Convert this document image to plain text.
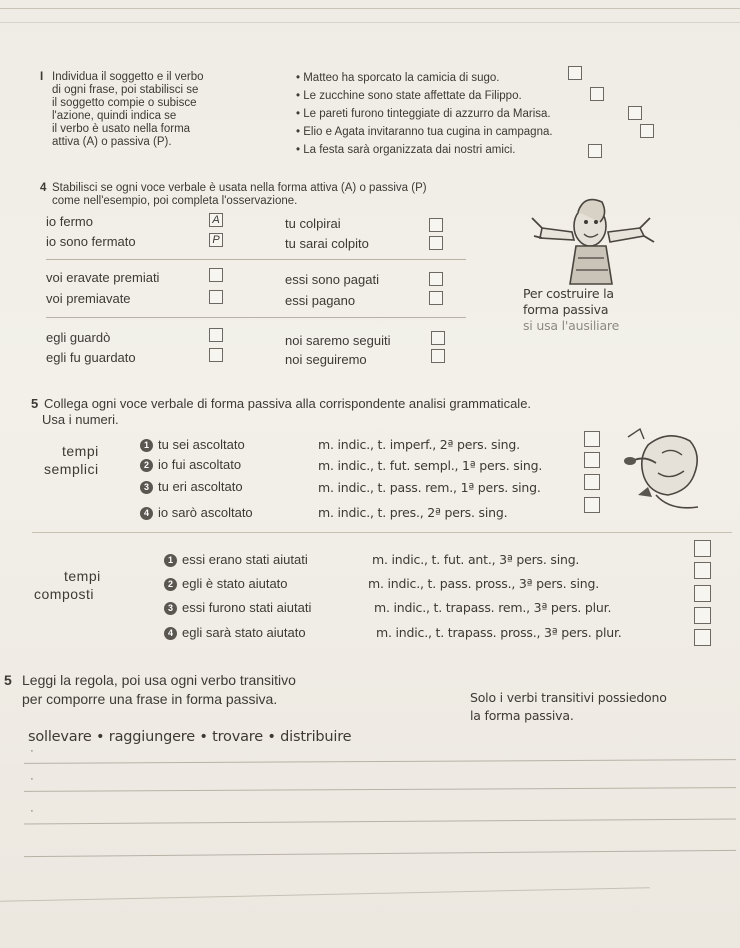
I Individua il soggetto e il verbo
di ogni frase, poi stabilisci se
il soggetto compie o subisce
l'azione, quindi indica se
il verbo è usato nella forma
attiva (A) o passiva (P).
• Matteo ha sporcato la camicia di sugo.
• Le zucchine sono state affettate da Filippo.
• Le pareti furono tinteggiate di azzurro da Marisa.
• Elio e Agata invitaranno tua cugina in campagna.
• La festa sarà organizzata dai nostri amici.
4 Stabilisci se ogni voce verbale è usata nella forma attiva (A) o passiva (P)
come nell'esempio, poi completa l'osservazione.
io fermo
io sono fermato
voi eravate premiati
voi premiavate
egli guardò
egli fu guardato
A
P
tu colpirai
tu sarai colpito
essi sono pagati
essi pagano
noi saremo seguiti
noi seguiremo
Per costruire la
forma passiva
si usa l'ausiliare
5 Collega ogni voce verbale di forma passiva alla corrispondente analisi grammaticale.
Usa i numeri.
tempi
semplici
1 tu sei ascoltato
2 io fui ascoltato
3 tu eri ascoltato
4 io sarò ascoltato
m. indic., t. imperf., 2ª pers. sing.
m. indic., t. fut. sempl., 1ª pers. sing.
m. indic., t. pass. rem., 1ª pers. sing.
m. indic., t. pres., 2ª pers. sing.
tempi
composti
1 essi erano stati aiutati
2 egli è stato aiutato
3 essi furono stati aiutati
4 egli sarà stato aiutato
m. indic., t. fut. ant., 3ª pers. sing.
m. indic., t. pass. pross., 3ª pers. sing.
m. indic., t. trapass. rem., 3ª pers. plur.
m. indic., t. trapass. pross., 3ª pers. plur.
5 Leggi la regola, poi usa ogni verbo transitivo
per comporre una frase in forma passiva.	Solo i verbi transitivi possiedono
la forma passiva.
sollevare • raggiungere • trovare • distribuire
·
·
·
